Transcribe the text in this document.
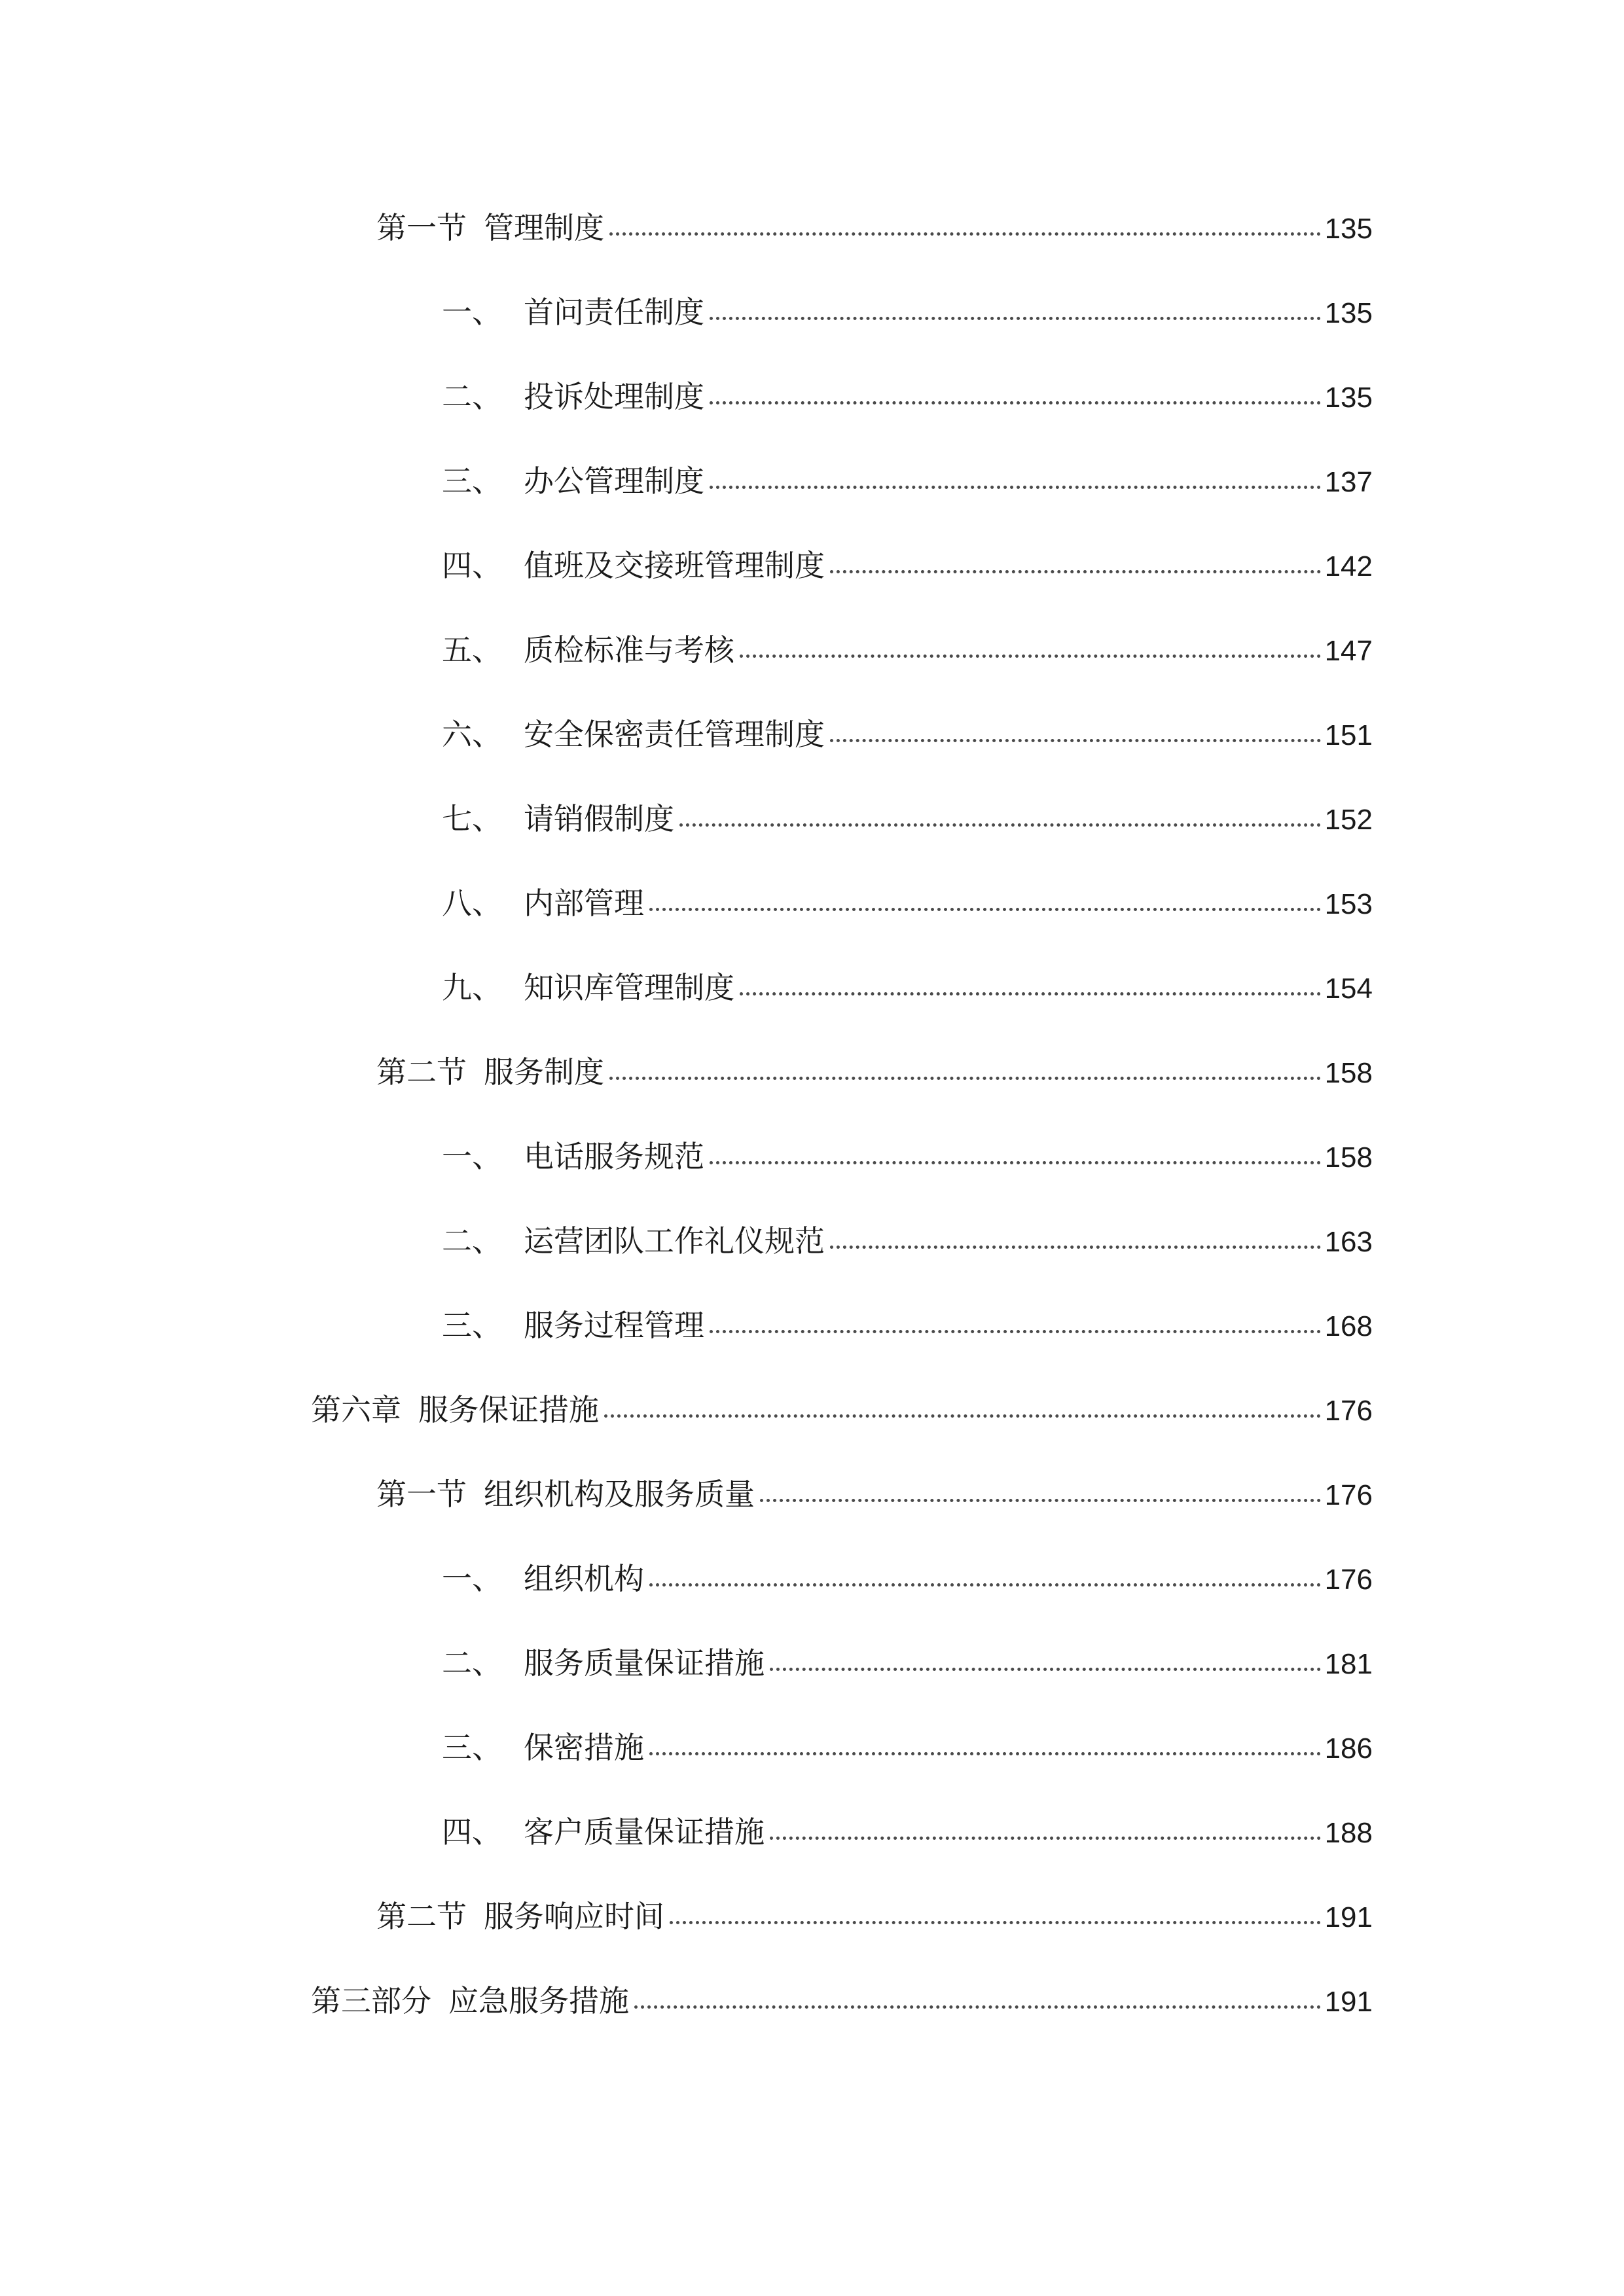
第一节 管理制度	135
一、 首问责任制度	135
二、 投诉处理制度	135
三、 办公管理制度	137
四、 值班及交接班管理制度	142
五、 质检标准与考核	147
六、 安全保密责任管理制度	151
七、 请销假制度	152
八、 内部管理	153
九、 知识库管理制度	154
第二节 服务制度	158
一、 电话服务规范	158
二、 运营团队工作礼仪规范	163
三、 服务过程管理	168
第六章 服务保证措施	176
第一节 组织机构及服务质量	176
一、 组织机构	176
二、 服务质量保证措施	181
三、 保密措施	186
四、 客户质量保证措施	188
第二节 服务响应时间	191
第三部分 应急服务措施	191
